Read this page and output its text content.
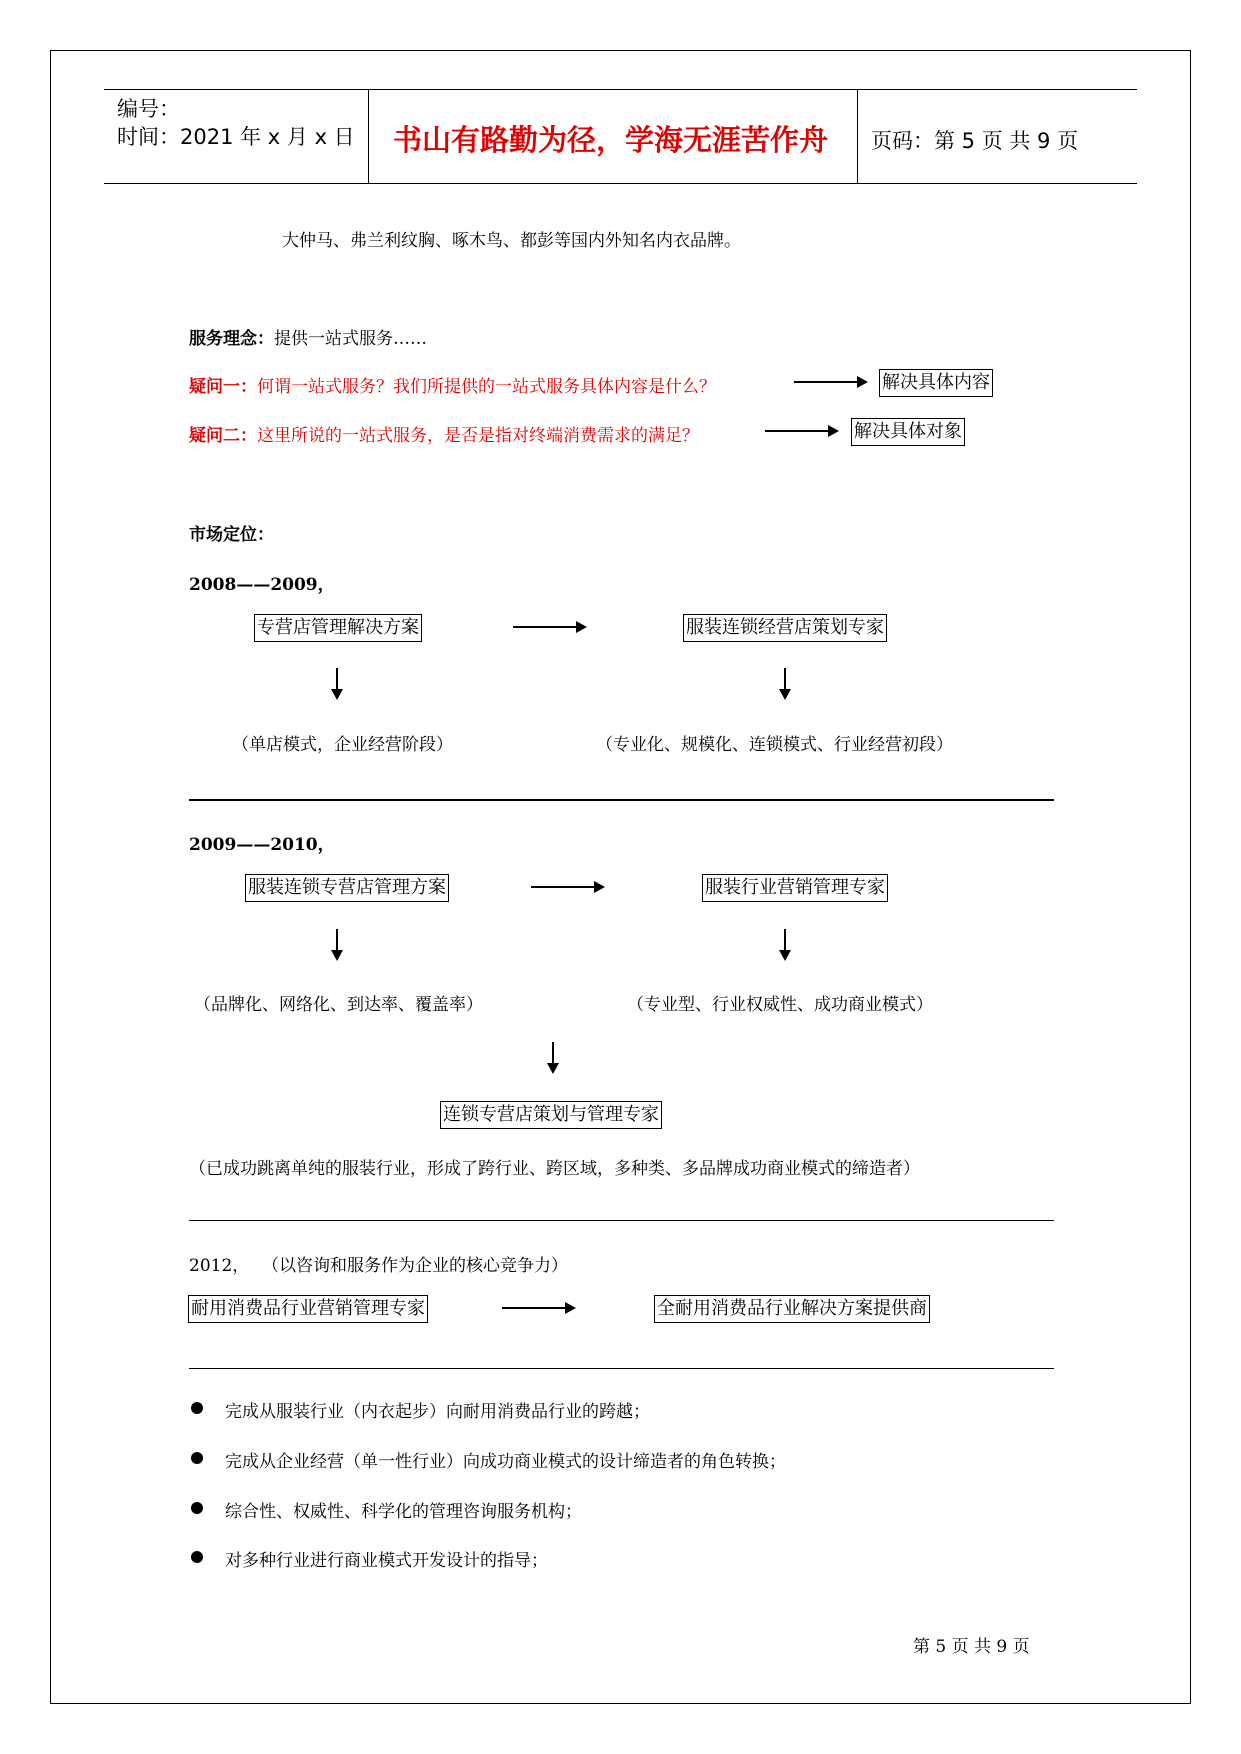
编号：
时间：2021 年 x 月 x 日 书山有路勤为径，学海无涯苦作舟 页码：第 5 页 共 9 页
大仲马、弗兰利纹胸、啄木鸟、都彭等国内外知名内衣品牌。
服务理念：提供一站式服务……
疑问一：何谓一站式服务？我们所提供的一站式服务具体内容是什么？	解决具体内容
疑问二：这里所说的一站式服务，是否是指对终端消费需求的满足？	解决具体对象
市场定位：
2008——2009，
专营店管理解决方案	服装连锁经营店策划专家
（单店模式，企业经营阶段）	（专业化、规模化、连锁模式、行业经营初段）
2009——2010，
服装连锁专营店管理方案	服装行业营销管理专家
（品牌化、网络化、到达率、覆盖率）	（专业型、行业权威性、成功商业模式）
连锁专营店策划与管理专家
（已成功跳离单纯的服装行业，形成了跨行业、跨区域，多种类、多品牌成功商业模式的缔造者）
2012， （以咨询和服务作为企业的核心竞争力）
耐用消费品行业营销管理专家	全耐用消费品行业解决方案提供商
完成从服装行业（内衣起步）向耐用消费品行业的跨越；
完成从企业经营（单一性行业）向成功商业模式的设计缔造者的角色转换；
综合性、权威性、科学化的管理咨询服务机构；
对多种行业进行商业模式开发设计的指导；
第 5 页 共 9 页
